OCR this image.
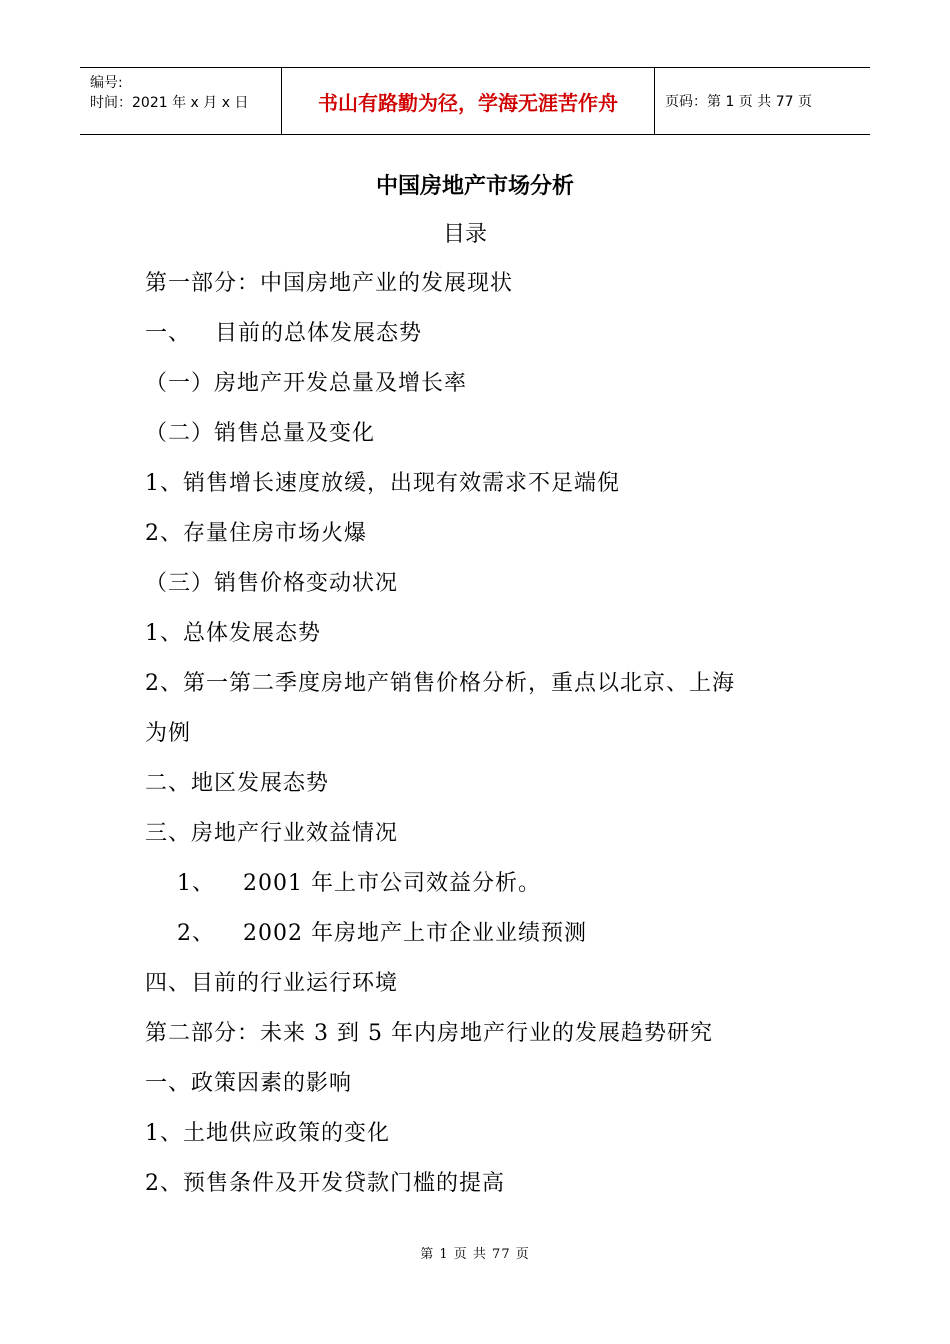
编号:
时间：2021 年 x 月 x 日	书山有路勤为径，学海无涯苦作舟	页码：第 1 页 共 77 页
中国房地产市场分析
目录
第一部分：中国房地产业的发展现状
一、   目前的总体发展态势
（一）房地产开发总量及增长率
（二）销售总量及变化
1、销售增长速度放缓，出现有效需求不足端倪
2、存量住房市场火爆
（三）销售价格变动状况
1、总体发展态势
2、第一第二季度房地产销售价格分析，重点以北京、上海
为例
二、地区发展态势
三、房地产行业效益情况
1、 2001 年上市公司效益分析。
2、 2002 年房地产上市企业业绩预测
四、目前的行业运行环境
第二部分：未来 3 到 5 年内房地产行业的发展趋势研究
一、政策因素的影响
1、土地供应政策的变化
2、预售条件及开发贷款门槛的提高
第 1 页 共 77 页
